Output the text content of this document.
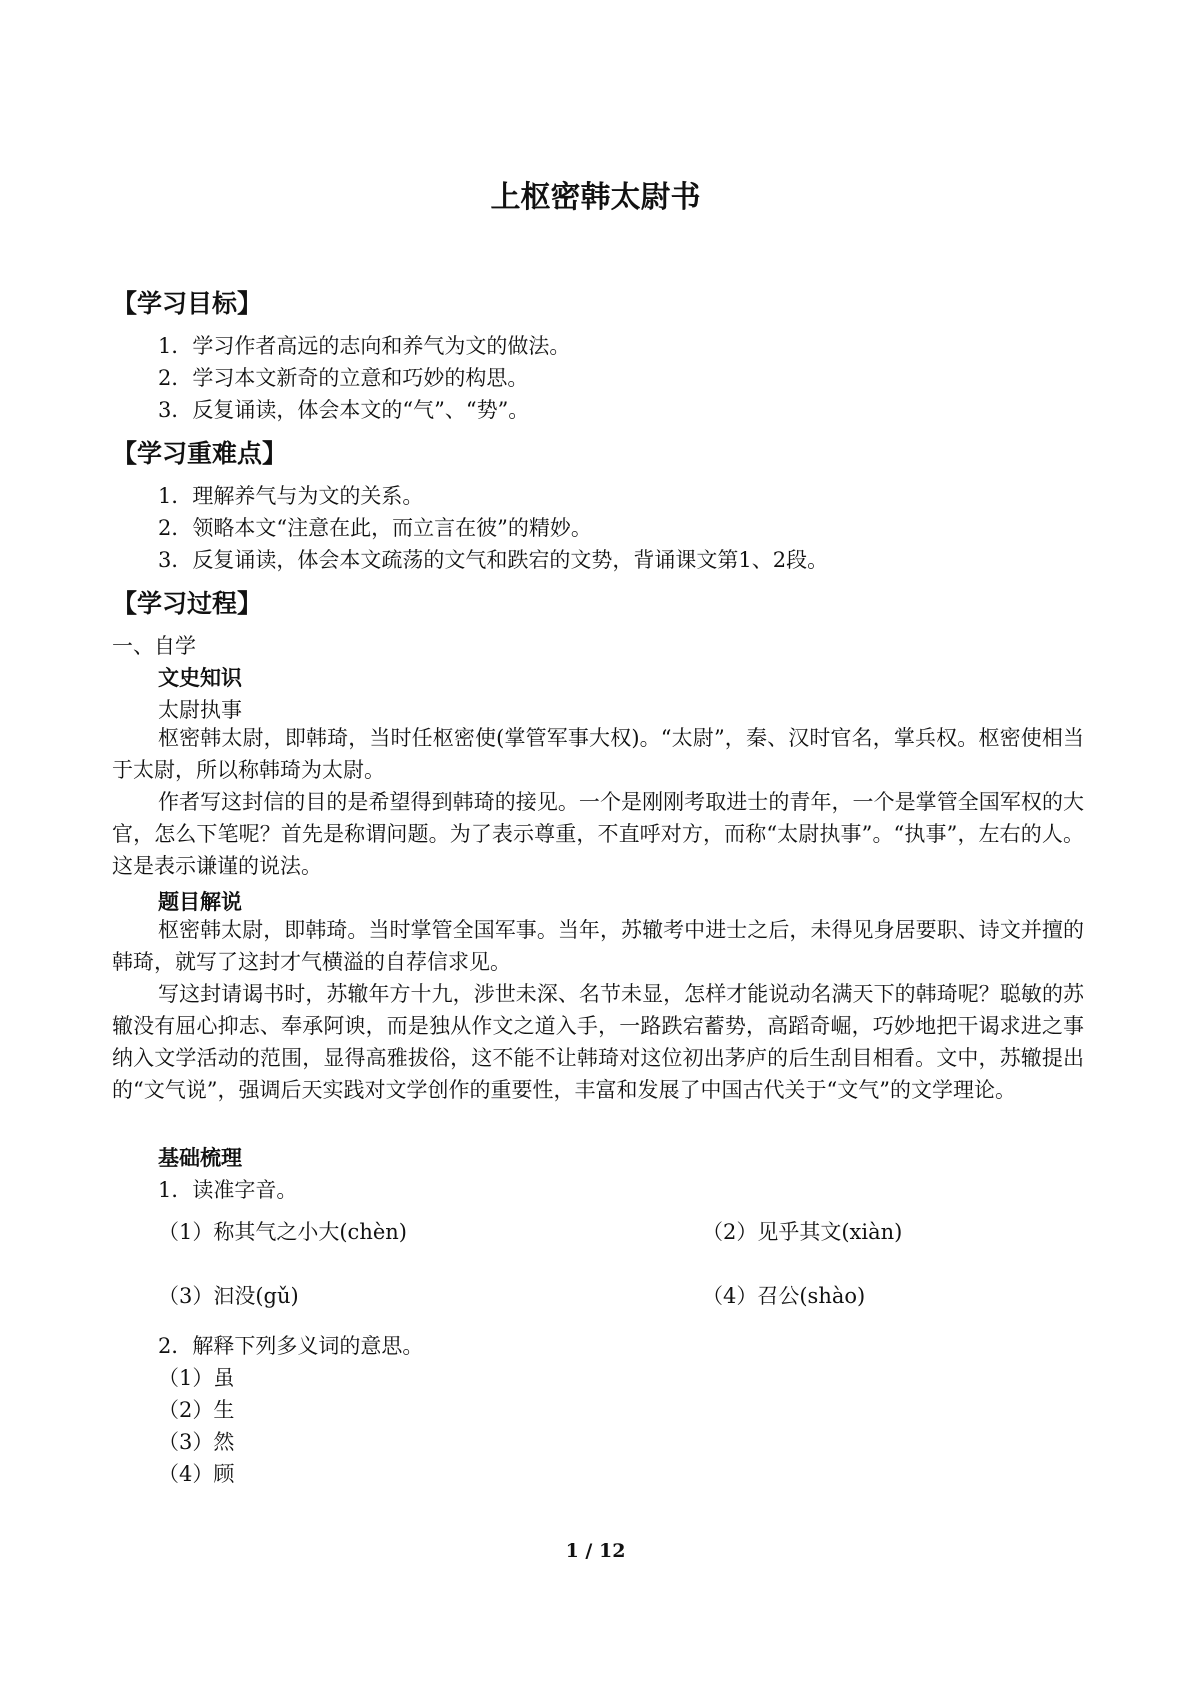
上枢密韩太尉书
【学习目标】
1．学习作者高远的志向和养气为文的做法。
2．学习本文新奇的立意和巧妙的构思。
3．反复诵读，体会本文的“气”、“势”。
【学习重难点】
1．理解养气与为文的关系。
2．领略本文“注意在此，而立言在彼”的精妙。
3．反复诵读，体会本文疏荡的文气和跌宕的文势，背诵课文第1、2段。
【学习过程】
一、自学
文史知识
太尉执事
枢密韩太尉，即韩琦，当时任枢密使(掌管军事大权)。“太尉”，秦、汉时官名，掌兵权。枢密使相当于太尉，所以称韩琦为太尉。
作者写这封信的目的是希望得到韩琦的接见。一个是刚刚考取进士的青年，一个是掌管全国军权的大官，怎么下笔呢？首先是称谓问题。为了表示尊重，不直呼对方，而称“太尉执事”。“执事”，左右的人。这是表示谦谨的说法。
题目解说
枢密韩太尉，即韩琦。当时掌管全国军事。当年，苏辙考中进士之后，未得见身居要职、诗文并擅的韩琦，就写了这封才气横溢的自荐信求见。
写这封请谒书时，苏辙年方十九，涉世未深、名节未显，怎样才能说动名满天下的韩琦呢？聪敏的苏辙没有屈心抑志、奉承阿谀，而是独从作文之道入手，一路跌宕蓄势，高蹈奇崛，巧妙地把干谒求进之事纳入文学活动的范围，显得高雅拔俗，这不能不让韩琦对这位初出茅庐的后生刮目相看。文中，苏辙提出的“文气说”，强调后天实践对文学创作的重要性，丰富和发展了中国古代关于“文气”的文学理论。
基础梳理
1．读准字音。
（1）称其气之小大(chèn)	（2）见乎其文(xiàn)
（3）汩没(gǔ)	（4）召公(shào)
2．解释下列多义词的意思。
（1）虽
（2）生
（3）然
（4）顾
1 / 12
